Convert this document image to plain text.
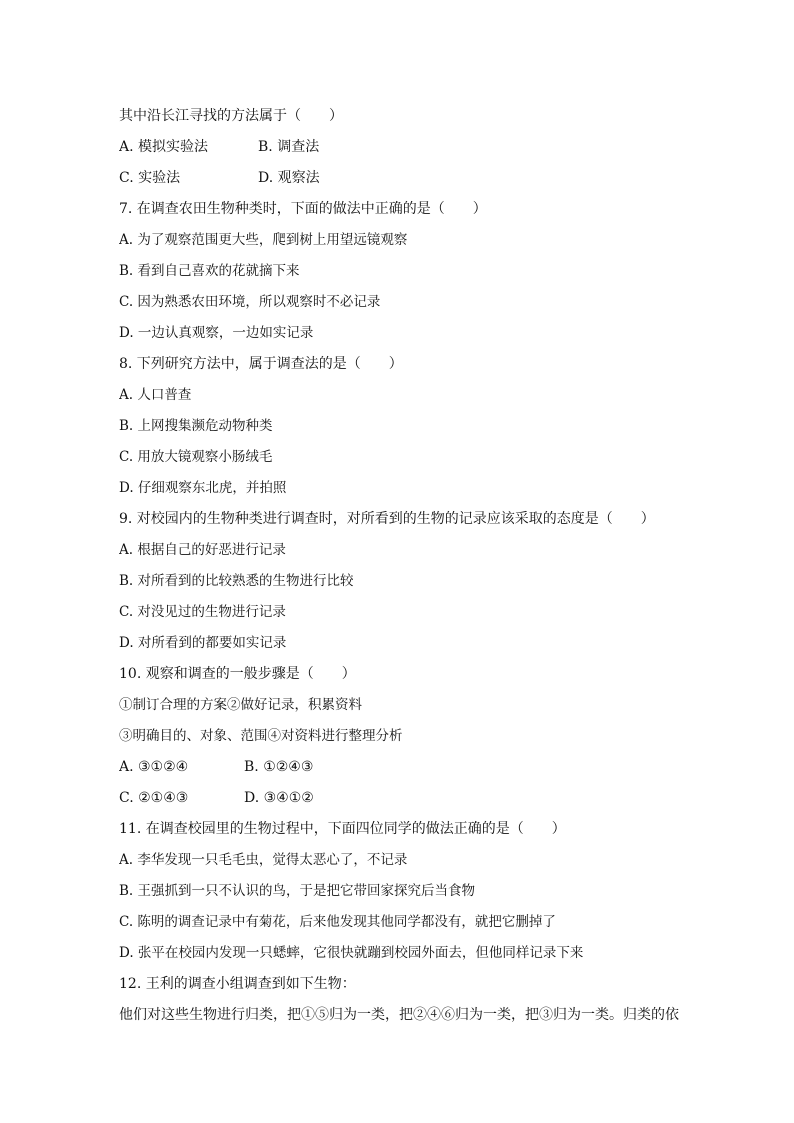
其中沿长江寻找的方法属于（　　）
A. 模拟实验法	B. 调查法
C. 实验法	D. 观察法
7. 在调查农田生物种类时，下面的做法中正确的是（　　）
A. 为了观察范围更大些，爬到树上用望远镜观察
B. 看到自己喜欢的花就摘下来
C. 因为熟悉农田环境，所以观察时不必记录
D. 一边认真观察，一边如实记录
8. 下列研究方法中，属于调查法的是（　　）
A. 人口普查
B. 上网搜集濒危动物种类
C. 用放大镜观察小肠绒毛
D. 仔细观察东北虎，并拍照
9. 对校园内的生物种类进行调查时，对所看到的生物的记录应该采取的态度是（　　）
A. 根据自己的好恶进行记录
B. 对所看到的比较熟悉的生物进行比较
C. 对没见过的生物进行记录
D. 对所看到的都要如实记录
10. 观察和调查的一般步骤是（　　）
①制订合理的方案②做好记录，积累资料
③明确目的、对象、范围④对资料进行整理分析
A. ③①②④	B. ①②④③
C. ②①④③	D. ③④①②
11. 在调查校园里的生物过程中，下面四位同学的做法正确的是（　　）
A. 李华发现一只毛毛虫，觉得太恶心了，不记录
B. 王强抓到一只不认识的鸟，于是把它带回家探究后当食物
C. 陈明的调查记录中有菊花，后来他发现其他同学都没有，就把它删掉了
D. 张平在校园内发现一只蟋蟀，它很快就蹦到校园外面去，但他同样记录下来
12. 王利的调查小组调查到如下生物：
他们对这些生物进行归类，把①⑤归为一类，把②④⑥归为一类，把③归为一类。归类的依
